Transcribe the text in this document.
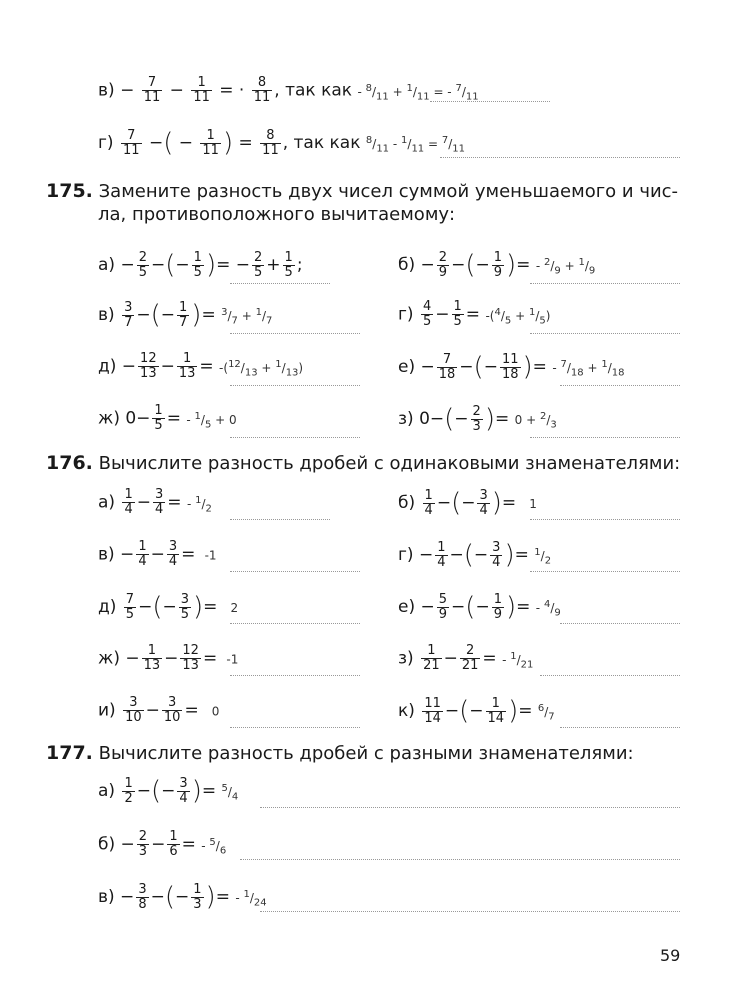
$в) - \frac{7}{11} - \frac{1}{11}$ = · $\frac{8}{11}$ , так как - $^8/_{11} + ^1/_{11}$ = - $^7/_{11}$
$г) \frac{7}{11}$ −( − $\frac{1}{11}$ ) = $\frac{8}{11}$ , так как $^8/_{11} - ^1/_{11} = ^7/_{11}$
175. Замените разность двух чисел суммой уменьшаемого и чис-
ла, противоположного вычитаемому:
$а) - \frac{2}{5}$ −(− $\frac{1}{5}$ )= − $\frac{2}{5} + \frac{1}{5}$ ;	$б) - \frac{2}{9}$ −(− $\frac{1}{9}$ )= - $^2/_9 + ^1/_9$
$в) \frac{3}{7}$ −(− $\frac{1}{7}$ )= $^3/_7 + ^1/_7$	$г) \frac{4}{5} - \frac{1}{5} = -(^4/_5 + ^1/_5)$
$д) - \frac{12}{13} - \frac{1}{13} = -(^{12}/_{13} + ^1/_{13})$	$е) - \frac{7}{18}$ −(− $\frac{11}{18}$ )= - $^7/_{18} + ^1/_{18}$
ж) $0- \frac{1}{5}$ = - $^1/_5 + 0$	з) $0-(- \frac{2}{3}$ )= $0 + ^2/_3$
176. Вычислите разность дробей с одинаковыми знаменателями:
$а) \frac{1}{4} - \frac{3}{4}$ = - $^1/_2$	$б) \frac{1}{4}$ −(− $\frac{3}{4}$ )=   1
$в) - \frac{1}{4} - \frac{3}{4} = -1$	$г) - \frac{1}{4}$ −(− $\frac{3}{4}$ )= $^1/_2$
$д) \frac{7}{5}$ −(− $\frac{3}{5}$ )=   2	$е) - \frac{5}{9}$ −(− $\frac{1}{9}$ )= - $^4/_9$
$ж) - \frac{1}{13} - \frac{12}{13} = -1$	$з) \frac{1}{21} - \frac{2}{21}$ = - $^1/_{21}$
$и) \frac{3}{10} - \frac{3}{10} = 0$	$к) \frac{11}{14}$ −(− $\frac{1}{14}$ )= $^6/_7$
177. Вычислите разность дробей с разными знаменателями:
$а) \frac{1}{2}$ −(− $\frac{3}{4}$ )= $^5/_4$
$б) - \frac{2}{3} - \frac{1}{6}$ = - $^5/_6$
$в) - \frac{3}{8}$ −(− $\frac{1}{3}$ )= - $^1/_{24}$
59
